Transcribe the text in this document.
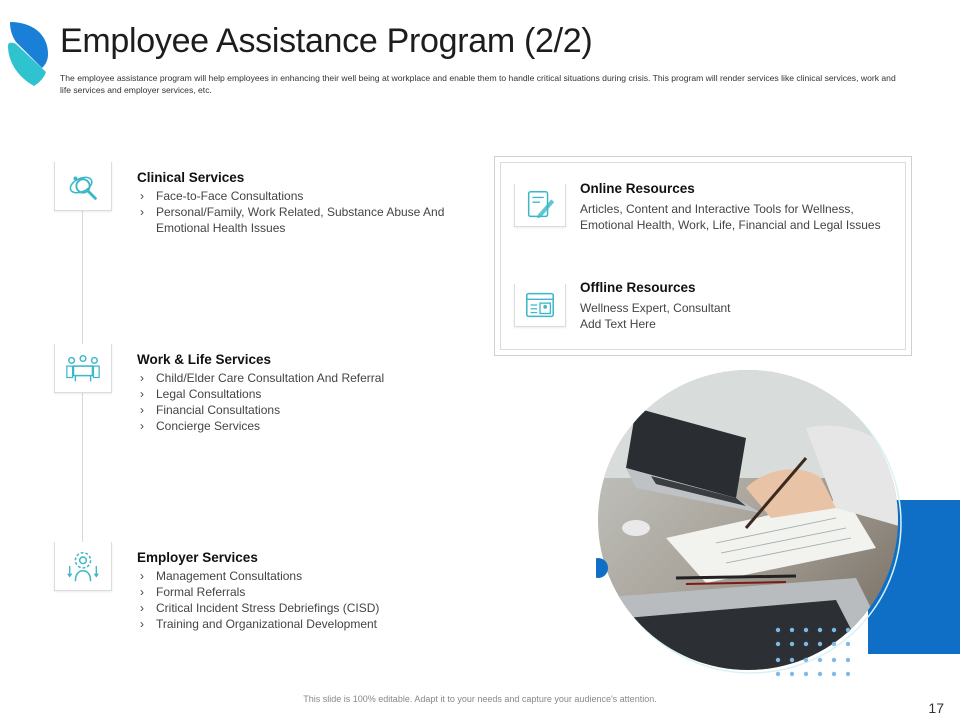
Employee Assistance Program (2/2)
The employee assistance program will help employees in enhancing their well being at workplace and enable them to handle critical situations during crisis. This program will render services like clinical services, work and life services and employer services, etc.
Clinical Services
› Face-to-Face Consultations
› Personal/Family, Work Related, Substance Abuse And Emotional Health Issues
Work & Life Services
› Child/Elder Care Consultation And Referral
› Legal Consultations
› Financial Consultations
› Concierge Services
Employer Services
› Management Consultations
› Formal Referrals
› Critical Incident Stress Debriefings (CISD)
› Training and Organizational Development
Online Resources

Articles, Content and Interactive Tools for Wellness, Emotional Health, Work, Life, Financial and Legal Issues

Offline Resources

Wellness Expert, Consultant Add Text Here

This slide is 100% editable. Adapt it to your needs and capture your audience's attention.
17
